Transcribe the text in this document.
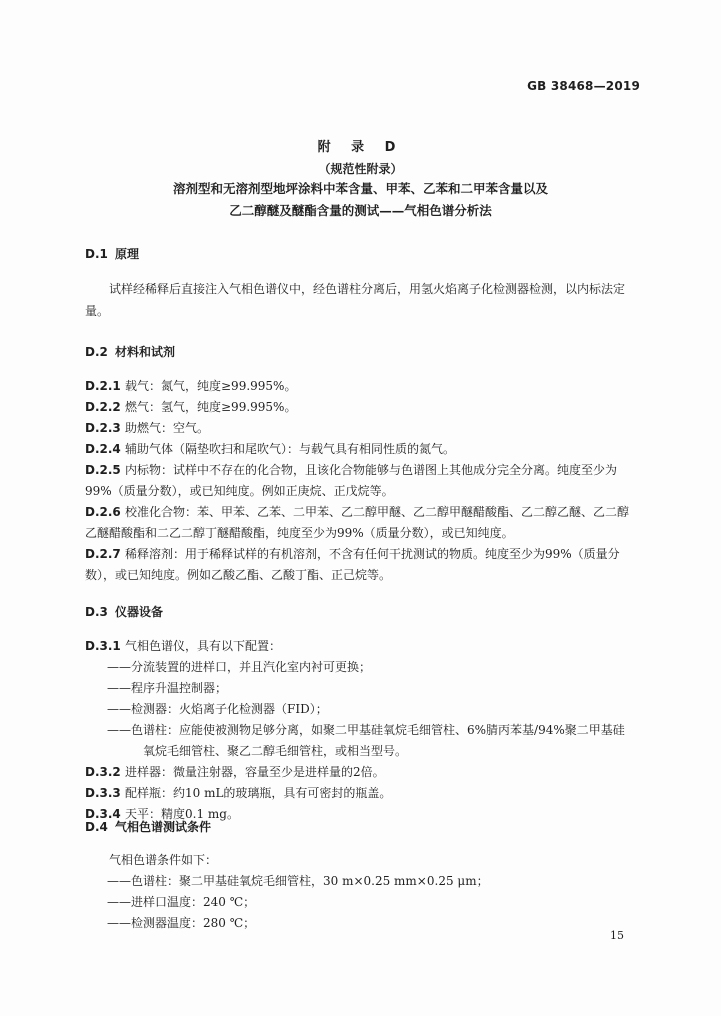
GB 38468—2019
附 录 D
（规范性附录）
溶剂型和无溶剂型地坪涂料中苯含量、甲苯、乙苯和二甲苯含量以及
乙二醇醚及醚酯含量的测试——气相色谱分析法
D.1 原理
试样经稀释后直接注入气相色谱仪中，经色谱柱分离后，用氢火焰离子化检测器检测，以内标法定量。
D.2 材料和试剂
D.2.1 载气：氮气，纯度≥99.995%。
D.2.2 燃气：氢气，纯度≥99.995%。
D.2.3 助燃气：空气。
D.2.4 辅助气体（隔垫吹扫和尾吹气）：与载气具有相同性质的氮气。
D.2.5 内标物：试样中不存在的化合物，且该化合物能够与色谱图上其他成分完全分离。纯度至少为99%（质量分数），或已知纯度。例如正庚烷、正戊烷等。
D.2.6 校准化合物：苯、甲苯、乙苯、二甲苯、乙二醇甲醚、乙二醇甲醚醋酸酯、乙二醇乙醚、乙二醇乙醚醋酸酯和二乙二醇丁醚醋酸酯，纯度至少为99%（质量分数），或已知纯度。
D.2.7 稀释溶剂：用于稀释试样的有机溶剂，不含有任何干扰测试的物质。纯度至少为99%（质量分数），或已知纯度。例如乙酸乙酯、乙酸丁酯、正己烷等。
D.3 仪器设备
D.3.1 气相色谱仪，具有以下配置：
——分流装置的进样口，并且汽化室内衬可更换；
——程序升温控制器；
——检测器：火焰离子化检测器（FID）；
——色谱柱：应能使被测物足够分离，如聚二甲基硅氧烷毛细管柱、6%腈丙苯基/94%聚二甲基硅
氧烷毛细管柱、聚乙二醇毛细管柱，或相当型号。
D.3.2 进样器：微量注射器，容量至少是进样量的2倍。
D.3.3 配样瓶：约10 mL的玻璃瓶，具有可密封的瓶盖。
D.3.4 天平：精度0.1 mg。
D.4 气相色谱测试条件
气相色谱条件如下：
——色谱柱：聚二甲基硅氧烷毛细管柱，30 m×0.25 mm×0.25 μm；
——进样口温度：240 ℃；
——检测器温度：280 ℃；
15
